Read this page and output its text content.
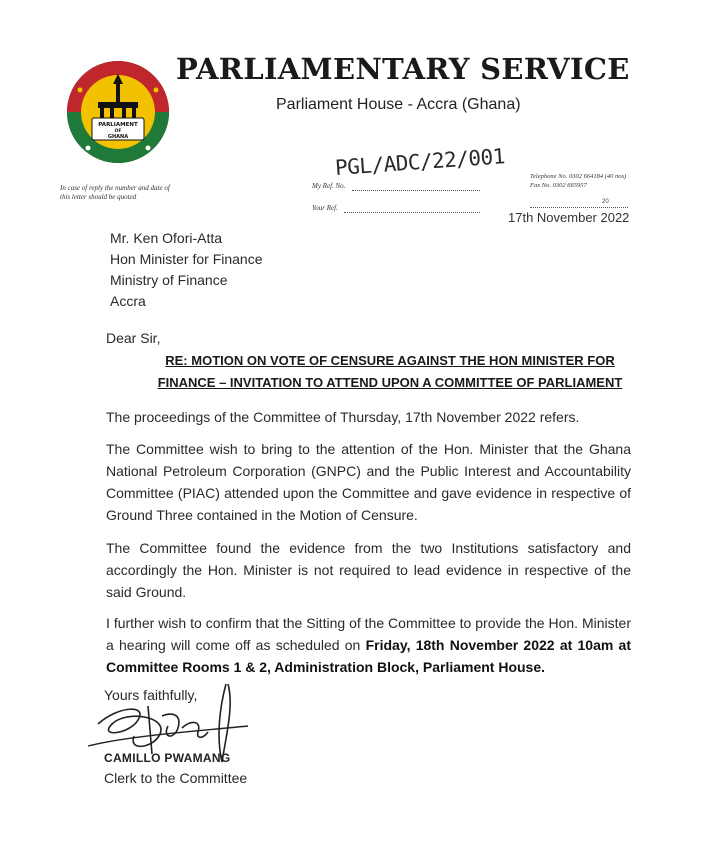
PARLIAMENT
OF
GHANA
PARLIAMENTARY SERVICE
Parliament House - Accra (Ghana)
In case of reply the number and date of this letter should be quoted
My Ref. No.
PGL/ADC/22/001
Your Ref.
Telephone No. 0302 664184 (40 nos)
Fax No. 0302 665957
20
17th November 2022
Mr. Ken Ofori-Atta
Hon Minister for Finance
Ministry of Finance
Accra
Dear Sir,
RE: MOTION ON VOTE OF CENSURE AGAINST THE HON MINISTER FOR
FINANCE – INVITATION TO ATTEND UPON A COMMITTEE OF PARLIAMENT
The proceedings of the Committee of Thursday, 17th November 2022 refers.
The Committee wish to bring to the attention of the Hon. Minister that the Ghana National Petroleum Corporation (GNPC) and the Public Interest and Accountability Committee (PIAC) attended upon the Committee and gave evidence in respective of Ground Three contained in the Motion of Censure.
The Committee found the evidence from the two Institutions satisfactory and accordingly the Hon. Minister is not required to lead evidence in respective of the said Ground.
I further wish to confirm that the Sitting of the Committee to provide the Hon. Minister a hearing will come off as scheduled on Friday, 18th November 2022 at 10am at Committee Rooms 1 & 2, Administration Block, Parliament House.
Yours faithfully,
CAMILLO PWAMANG
Clerk to the Committee
